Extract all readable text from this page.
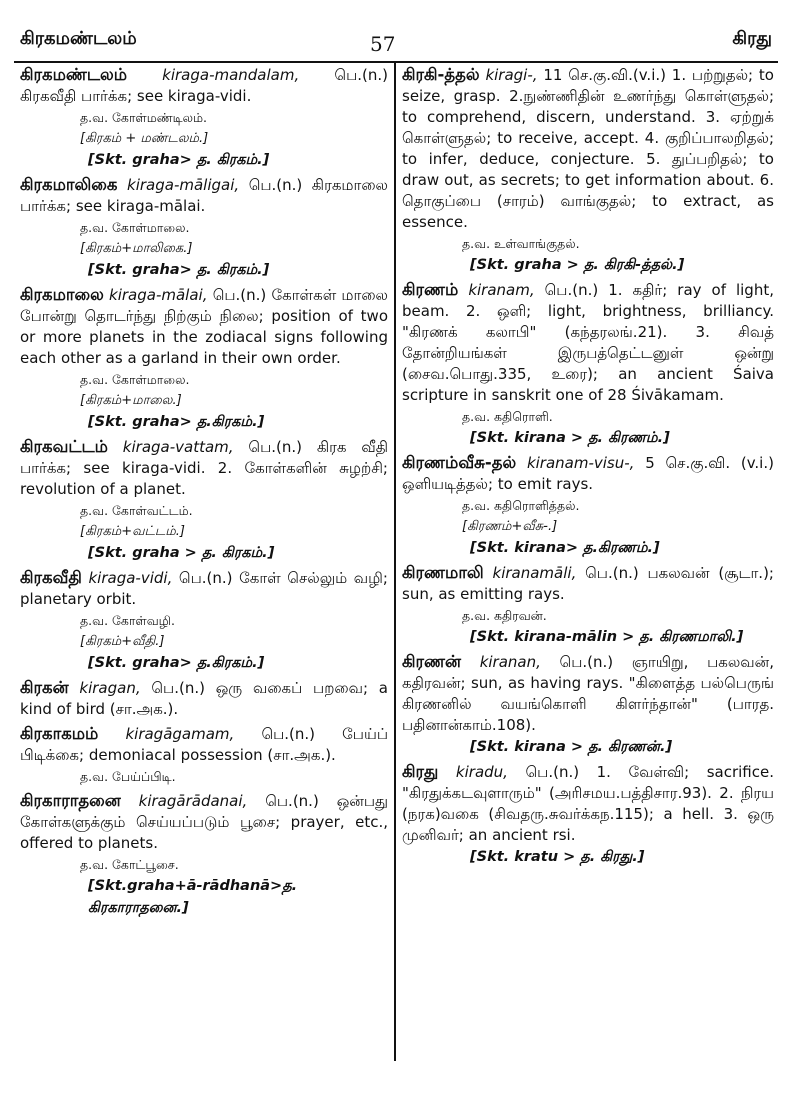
கிரகமண்டலம்	57	கிரது
கிரகமண்டலம் kiraga-mandalam, பெ.(n.) கிரகவீதி பார்க்க; see kiraga-vidi.
த.வ. கோள்மண்டிலம்.
[கிரகம் + மண்டலம்.]
[Skt. graha> த. கிரகம்.]
கிரகமாலிகை kiraga-māligai, பெ.(n.) கிரகமாலை பார்க்க; see kiraga-mālai.
த.வ. கோள்மாலை.
[கிரகம்+மாலிகை.]
[Skt. graha> த. கிரகம்.]
கிரகமாலை kiraga-mālai, பெ.(n.) கோள்கள் மாலை போன்று தொடர்ந்து நிற்கும் நிலை; position of two or more planets in the zodiacal signs following each other as a garland in their own order.
த.வ. கோள்மாலை.
[கிரகம்+மாலை.]
[Skt. graha> த.கிரகம்.]
கிரகவட்டம் kiraga-vattam, பெ.(n.) கிரக வீதி பார்க்க; see kiraga-vidi. 2. கோள்களின் சுழற்சி; revolution of a planet.
த.வ. கோள்வட்டம்.
[கிரகம்+வட்டம்.]
[Skt. graha > த. கிரகம்.]
கிரகவீதி kiraga-vidi, பெ.(n.) கோள் செல்லும் வழி; planetary orbit.
த.வ. கோள்வழி.
[கிரகம்+வீதி.]
[Skt. graha> த.கிரகம்.]
கிரகன் kiragan, பெ.(n.) ஒரு வகைப் பறவை; a kind of bird (சா.அக.).
கிரகாகமம் kiragāgamam, பெ.(n.) பேய்ப் பிடிக்கை; demoniacal possession (சா.அக.).
த.வ. பேய்ப்பிடி.
கிரகாராதனை kiragārādanai, பெ.(n.) ஒன்பது கோள்களுக்கும் செய்யப்படும் பூசை; prayer, etc., offered to planets.
த.வ. கோட்பூசை.
[Skt.graha+ā-rādhanā>த. கிரகாராதனை.]
கிரகி-த்தல் kiragi-, 11 செ.கு.வி.(v.i.) 1. பற்றுதல்; to seize, grasp. 2.நுண்ணிதின் உணர்ந்து கொள்ளுதல்; to comprehend, discern, understand. 3. ஏற்றுக் கொள்ளுதல்; to receive, accept. 4. குறிப்பாலறிதல்; to infer, deduce, conjecture. 5. துப்பறிதல்; to draw out, as secrets; to get information about. 6. தொகுப்பை (சாரம்) வாங்குதல்; to extract, as essence.
த.வ. உள்வாங்குதல்.
[Skt. graha > த. கிரகி-த்தல்.]
கிரணம் kiranam, பெ.(n.) 1. கதிர்; ray of light, beam. 2. ஒளி; light, brightness, brilliancy. "கிரணக் கலாபி" (கந்தரலங்.21). 3. சிவத் தோன்றியங்கள் இருபத்தெட்டனுள் ஒன்று (சைவ.பொது.335, உரை); an ancient Śaiva scripture in sanskrit one of 28 Śivākamam.
த.வ. கதிரொளி.
[Skt. kirana > த. கிரணம்.]
கிரணம்வீசு-தல் kiranam-visu-, 5 செ.கு.வி. (v.i.) ஒளியடித்தல்; to emit rays.
த.வ. கதிரொளித்தல்.
[கிரணம்+வீசு-.]
[Skt. kirana> த.கிரணம்.]
கிரணமாலி kiranamāli, பெ.(n.) பகலவன் (சூடா.); sun, as emitting rays.
த.வ. கதிரவன்.
[Skt. kirana-mālin > த. கிரணமாலி.]
கிரணன் kiranan, பெ.(n.) ஞாயிறு, பகலவன், கதிரவன்; sun, as having rays. "கிளைத்த பல்பெருங் கிரணனில் வயங்கொளி கிளர்ந்தான்" (பாரத. பதினான்காம்.108).
[Skt. kirana > த. கிரணன்.]
கிரது kiradu, பெ.(n.) 1. வேள்வி; sacrifice. "கிரதுக்கடவுளாரும்" (அரிசமய.பத்திசார.93). 2. நிரய (நரக)வகை (சிவதரு.சுவர்க்கந.115); a hell. 3. ஒரு முனிவர்; an ancient rsi.
[Skt. kratu > த. கிரது.]
